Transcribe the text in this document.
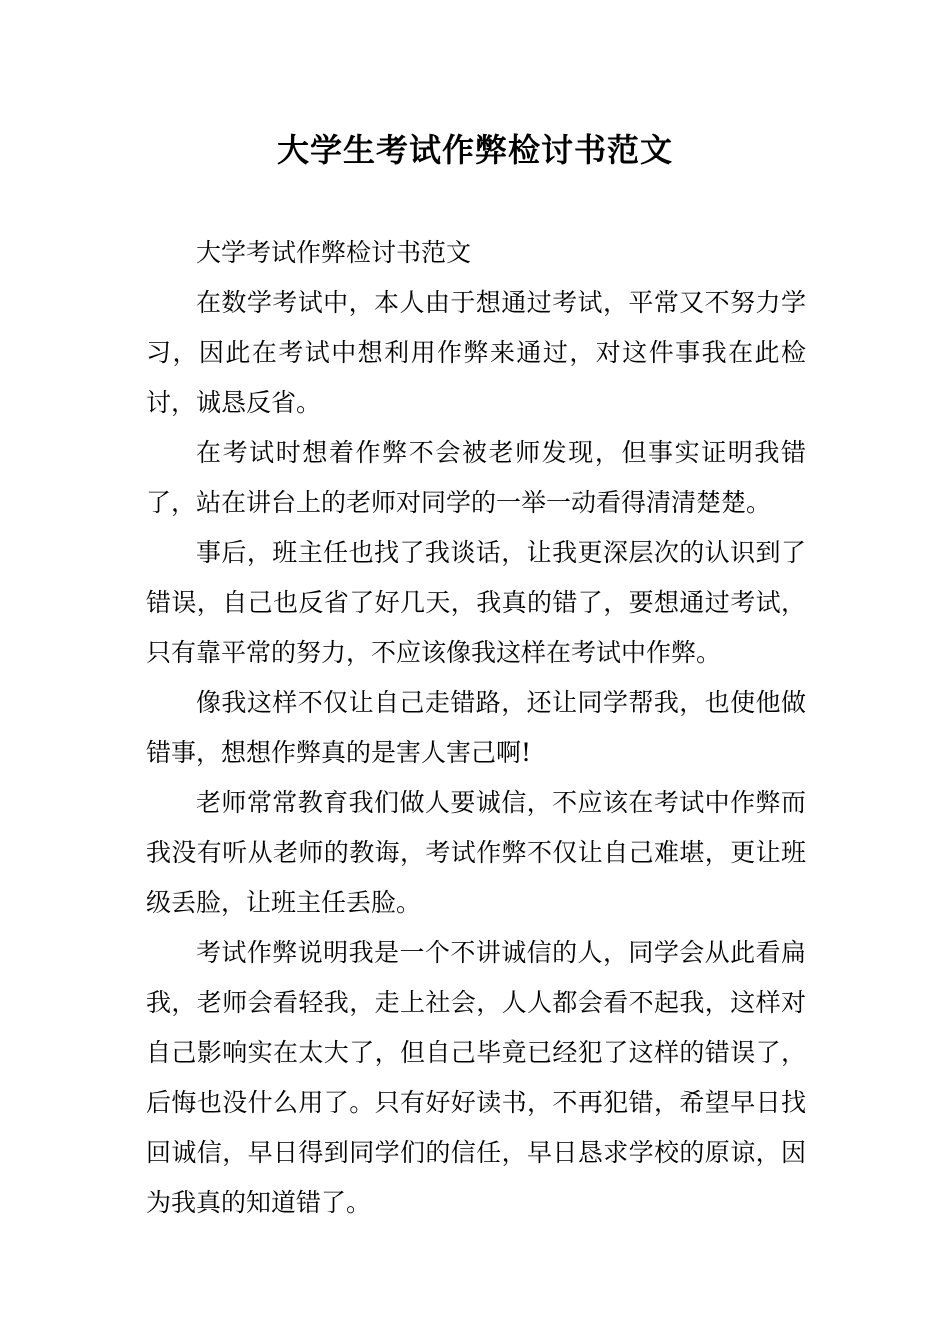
大学生考试作弊检讨书范文

大学考试作弊检讨书范文

在数学考试中，本人由于想通过考试，平常又不努力学习，因此在考试中想利用作弊来通过，对这件事我在此检讨，诚恳反省。

在考试时想着作弊不会被老师发现，但事实证明我错了，站在讲台上的老师对同学的一举一动看得清清楚楚。

事后，班主任也找了我谈话，让我更深层次的认识到了错误，自己也反省了好几天，我真的错了，要想通过考试，只有靠平常的努力，不应该像我这样在考试中作弊。

像我这样不仅让自己走错路，还让同学帮我，也使他做错事，想想作弊真的是害人害己啊!

老师常常教育我们做人要诚信，不应该在考试中作弊而我没有听从老师的教诲，考试作弊不仅让自己难堪，更让班级丢脸，让班主任丢脸。

考试作弊说明我是一个不讲诚信的人，同学会从此看扁我，老师会看轻我，走上社会，人人都会看不起我，这样对自己影响实在太大了，但自己毕竟已经犯了这样的错误了，后悔也没什么用了。只有好好读书，不再犯错，希望早日找回诚信，早日得到同学们的信任，早日恳求学校的原谅，因为我真的知道错了。
